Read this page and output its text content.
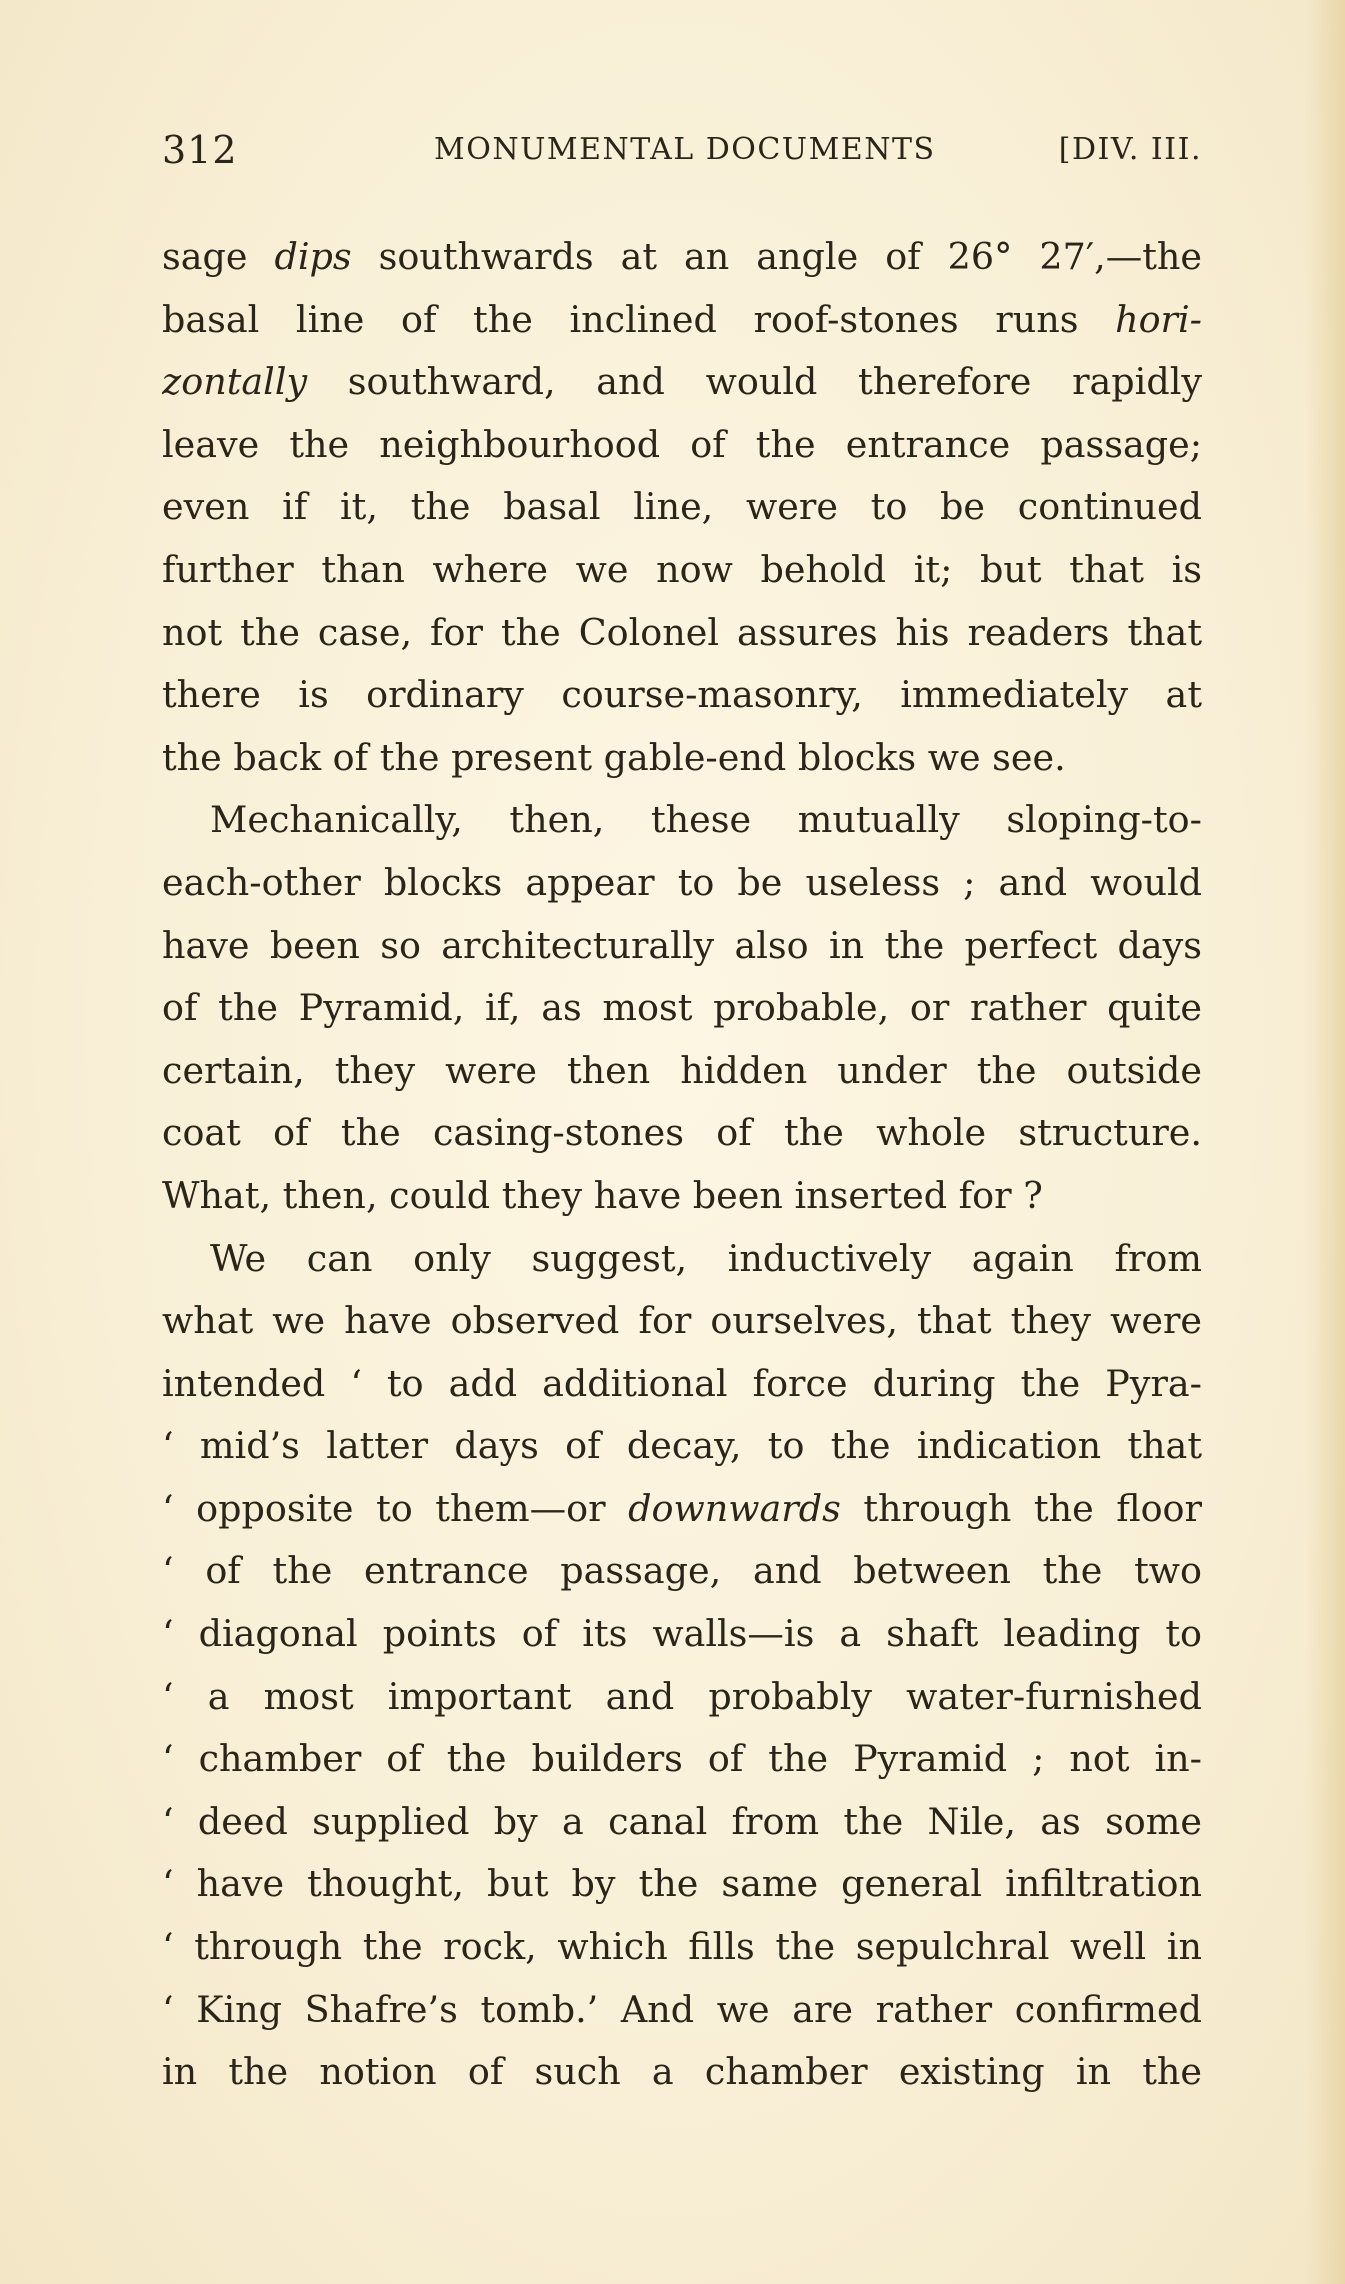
312	MONUMENTAL DOCUMENTS	[DIV. III.
sage dips southwards at an angle of 26° 27′,—the
basal line of the inclined roof-stones runs hori-
zontally southward, and would therefore rapidly
leave the neighbourhood of the entrance passage;
even if it, the basal line, were to be continued
further than where we now behold it; but that is
not the case, for the Colonel assures his readers that
there is ordinary course-masonry, immediately at
the back of the present gable-end blocks we see.
Mechanically, then, these mutually sloping-to-
each-other blocks appear to be useless ; and would
have been so architecturally also in the perfect days
of the Pyramid, if, as most probable, or rather quite
certain, they were then hidden under the outside
coat of the casing-stones of the whole structure.
What, then, could they have been inserted for ?
We can only suggest, inductively again from
what we have observed for ourselves, that they were
intended ‘ to add additional force during the Pyra-
‘ mid’s latter days of decay, to the indication that
‘ opposite to them—or downwards through the floor
‘ of the entrance passage, and between the two
‘ diagonal points of its walls—is a shaft leading to
‘ a most important and probably water-furnished
‘ chamber of the builders of the Pyramid ; not in-
‘ deed supplied by a canal from the Nile, as some
‘ have thought, but by the same general infiltration
‘ through the rock, which fills the sepulchral well in
‘ King Shafre’s tomb.’ And we are rather confirmed
in the notion of such a chamber existing in the
